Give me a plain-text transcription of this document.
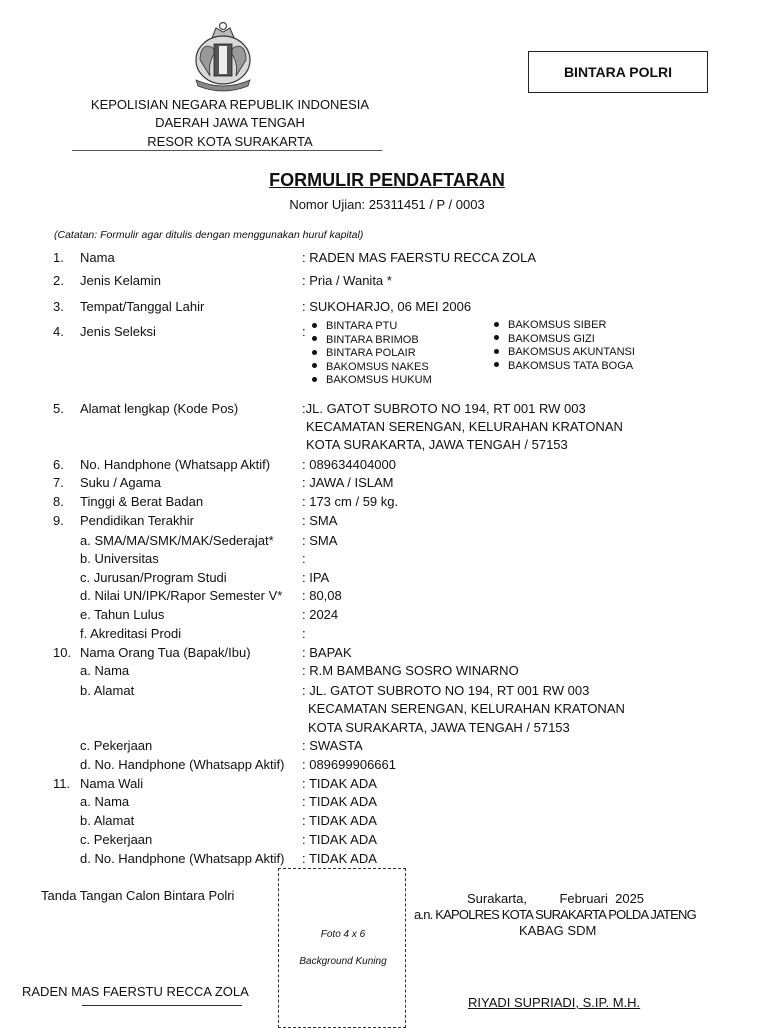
BINTARA POLRI
KEPOLISIAN NEGARA REPUBLIK INDONESIA
DAERAH JAWA TENGAH
RESOR KOTA SURAKARTA
FORMULIR PENDAFTARAN
Nomor Ujian: 25311451 / P / 0003
(Catatan: Formulir agar ditulis dengan menggunakan huruf kapital)
1. Nama	: RADEN MAS FAERSTU RECCA ZOLA
2. Jenis Kelamin	: Pria / Wanita *
3. Tempat/Tanggal Lahir	: SUKOHARJO, 06 MEI 2006
4. Jenis Seleksi	:	BINTARA PTU
BINTARA BRIMOB
BINTARA POLAIR
BAKOMSUS NAKES
BAKOMSUS HUKUM
BAKOMSUS SIBER
BAKOMSUS GIZI
BAKOMSUS AKUNTANSI
BAKOMSUS TATA BOGA
5. Alamat lengkap (Kode Pos)	:JL. GATOT SUBROTO NO 194, RT 001 RW 003
KECAMATAN SERENGAN, KELURAHAN KRATONAN
KOTA SURAKARTA, JAWA TENGAH / 57153
6. No. Handphone (Whatsapp Aktif) : 089634404000
7. Suku / Agama	: JAWA / ISLAM
8. Tinggi & Berat Badan	: 173 cm / 59 kg.
9. Pendidikan Terakhir	: SMA
a. SMA/MA/SMK/MAK/Sederajat* : SMA
b. Universitas	:
c. Jurusan/Program Studi	: IPA
d. Nilai UN/IPK/Rapor Semester V* : 80,08
e. Tahun Lulus	: 2024
f. Akreditasi Prodi	:
10. Nama Orang Tua (Bapak/Ibu)	: BAPAK
a. Nama	: R.M BAMBANG SOSRO WINARNO
b. Alamat	: JL. GATOT SUBROTO NO 194, RT 001 RW 003
KECAMATAN SERENGAN, KELURAHAN KRATONAN
KOTA SURAKARTA, JAWA TENGAH / 57153
c. Pekerjaan	: SWASTA
d. No. Handphone (Whatsapp Aktif) : 089699906661
11. Nama Wali	: TIDAK ADA
a. Nama	: TIDAK ADA
b. Alamat	: TIDAK ADA
c. Pekerjaan	: TIDAK ADA
d. No. Handphone (Whatsapp Aktif) : TIDAK ADA
Tanda Tangan Calon Bintara Polri
RADEN MAS FAERSTU RECCA ZOLA
Foto 4 x 6
Background Kuning
Surakarta,         Februari  2025
a.n. KAPOLRES KOTA SURAKARTA POLDA JATENG
KABAG SDM
RIYADI SUPRIADI, S.IP. M.H.
